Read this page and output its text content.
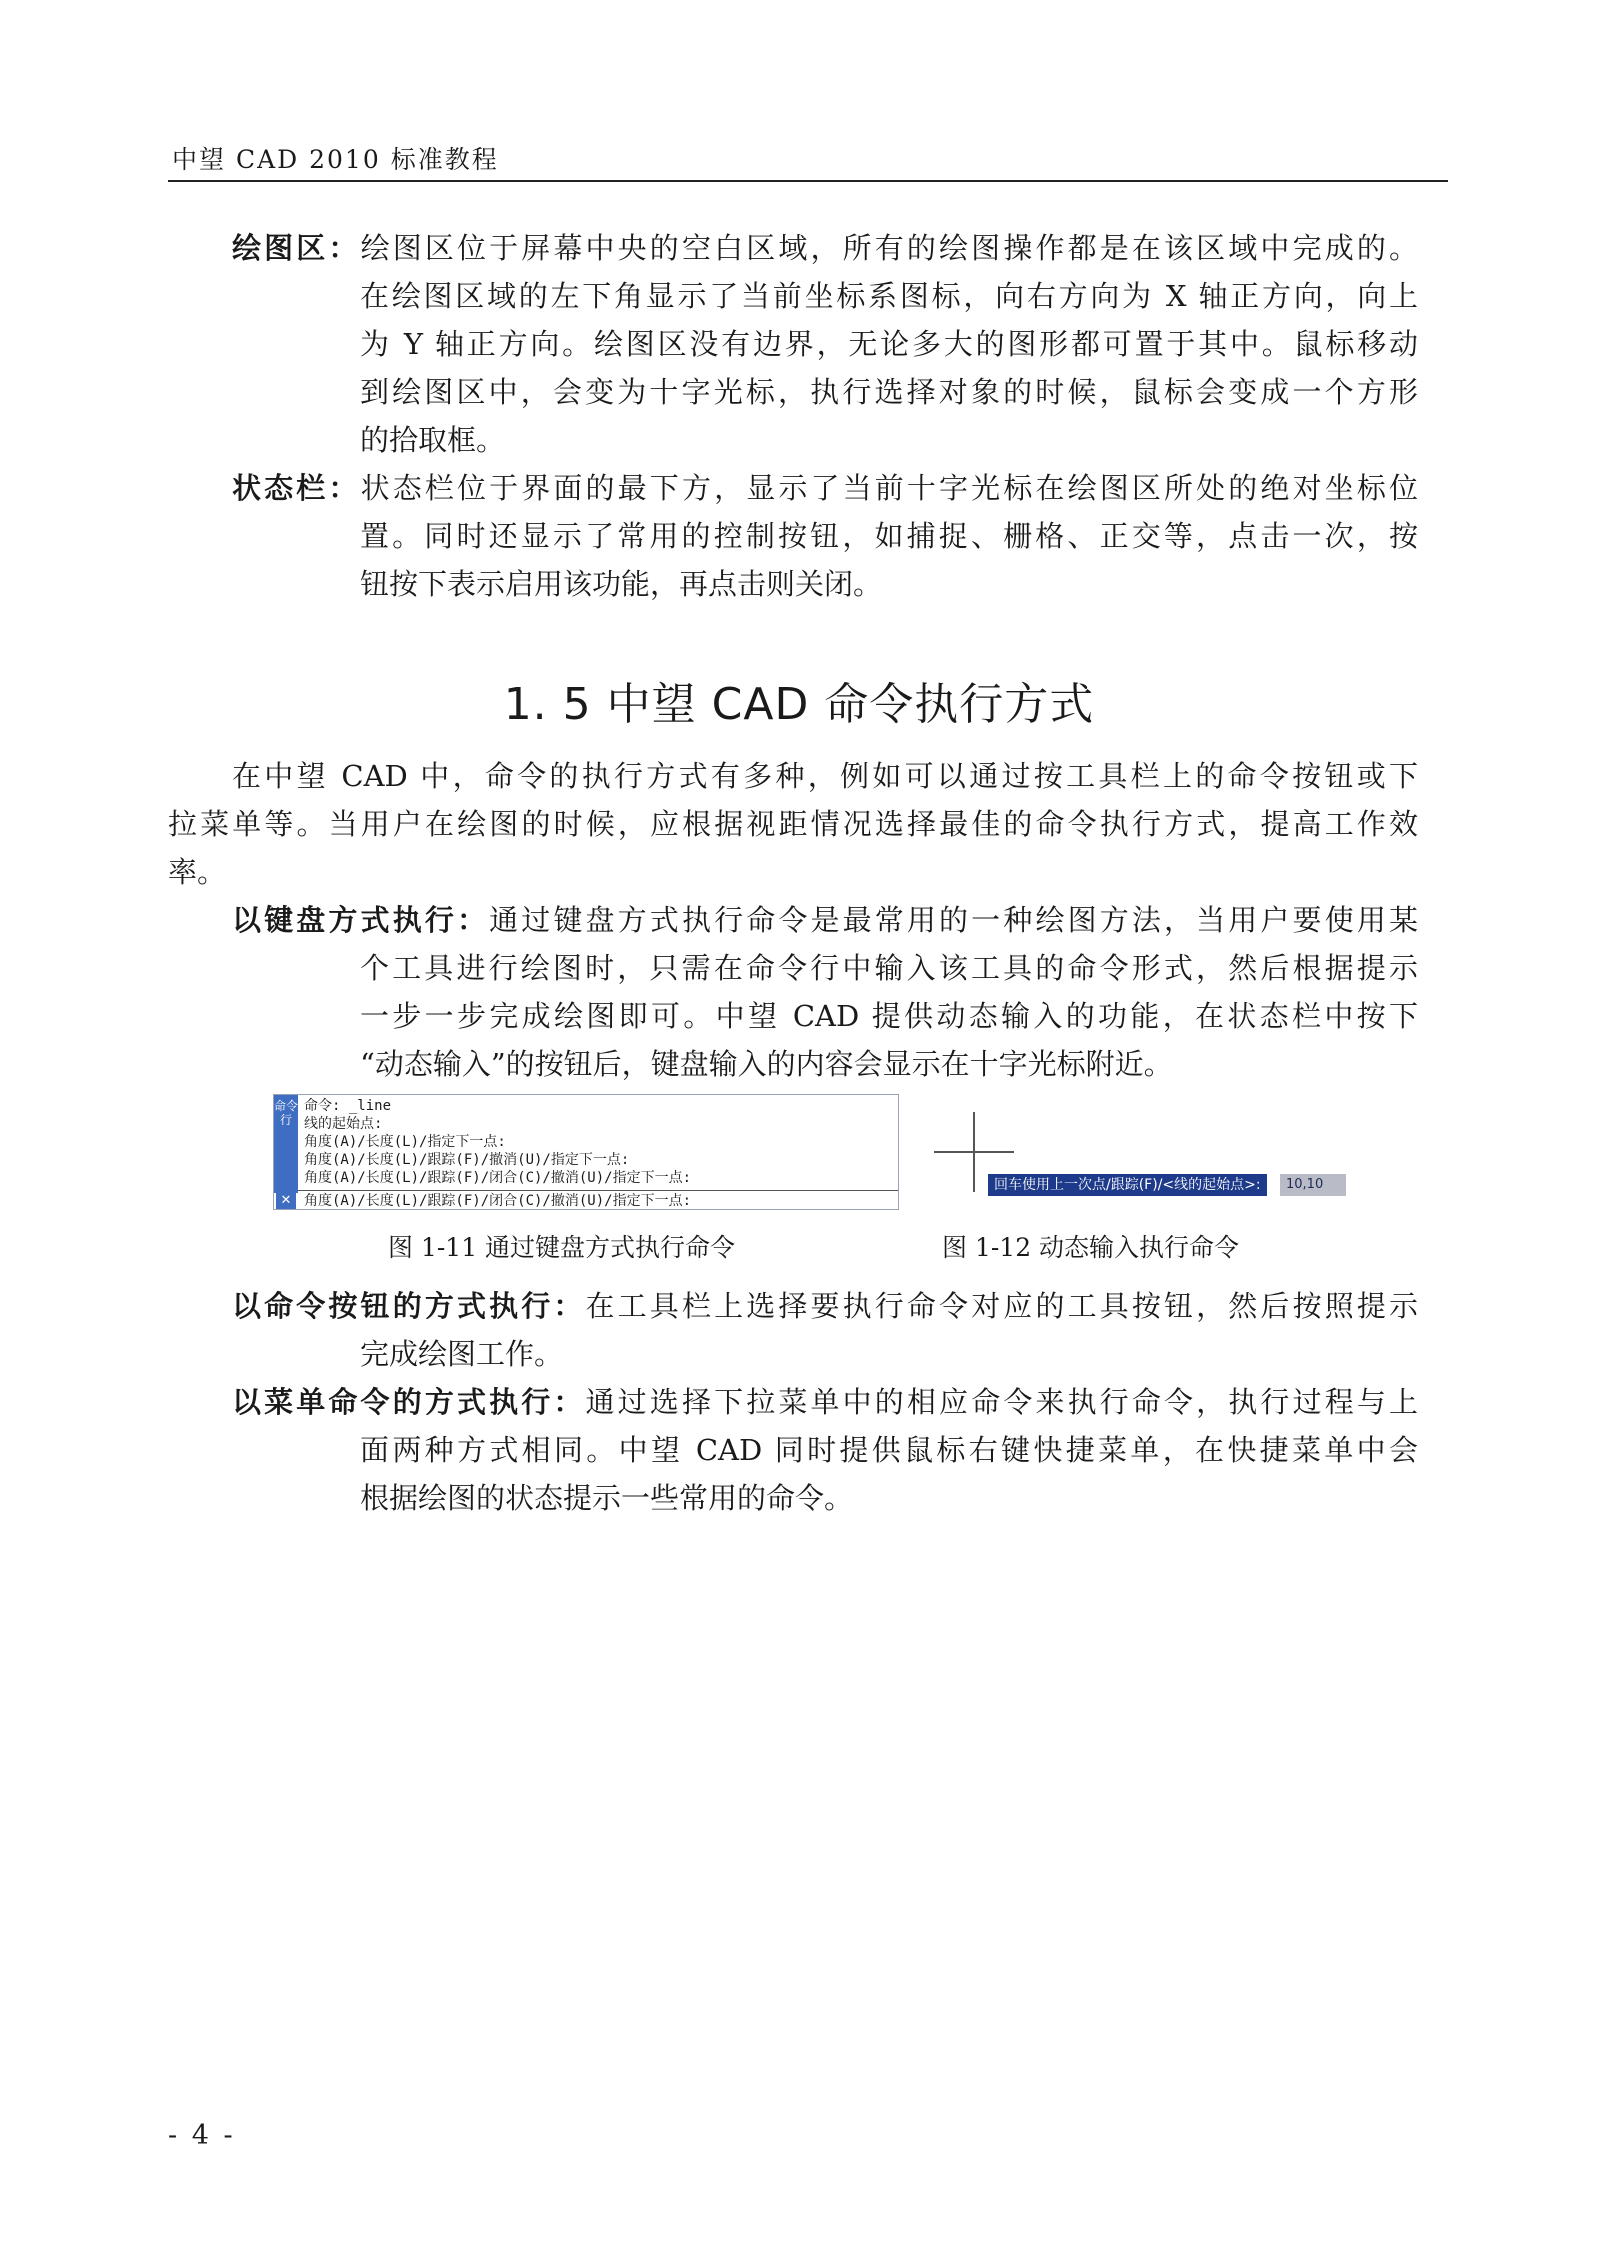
中望 CAD 2010 标准教程
绘图区：绘图区位于屏幕中央的空白区域，所有的绘图操作都是在该区域中完成的。
在绘图区域的左下角显示了当前坐标系图标，向右方向为 X 轴正方向，向上
为 Y 轴正方向。绘图区没有边界，无论多大的图形都可置于其中。鼠标移动
到绘图区中，会变为十字光标，执行选择对象的时候，鼠标会变成一个方形
的拾取框。
状态栏：状态栏位于界面的最下方，显示了当前十字光标在绘图区所处的绝对坐标位
置。同时还显示了常用的控制按钮，如捕捉、栅格、正交等，点击一次，按
钮按下表示启用该功能，再点击则关闭。
1. 5 中望 CAD 命令执行方式
在中望 CAD 中，命令的执行方式有多种，例如可以通过按工具栏上的命令按钮或下
拉菜单等。当用户在绘图的时候，应根据视距情况选择最佳的命令执行方式，提高工作效
率。
以键盘方式执行：通过键盘方式执行命令是最常用的一种绘图方法，当用户要使用某
个工具进行绘图时，只需在命令行中输入该工具的命令形式，然后根据提示
一步一步完成绘图即可。中望 CAD 提供动态输入的功能，在状态栏中按下
“动态输入”的按钮后，键盘输入的内容会显示在十字光标附近。
命令行
✕
命令: _line
线的起始点:
角度(A)/长度(L)/指定下一点:
角度(A)/长度(L)/跟踪(F)/撤消(U)/指定下一点:
角度(A)/长度(L)/跟踪(F)/闭合(C)/撤消(U)/指定下一点:
角度(A)/长度(L)/跟踪(F)/闭合(C)/撤消(U)/指定下一点:
回车使用上一次点/跟踪(F)/<线的起始点>:	10,10
图 1-11 通过键盘方式执行命令	图 1-12 动态输入执行命令
以命令按钮的方式执行：在工具栏上选择要执行命令对应的工具按钮，然后按照提示
完成绘图工作。
以菜单命令的方式执行：通过选择下拉菜单中的相应命令来执行命令，执行过程与上
面两种方式相同。中望 CAD 同时提供鼠标右键快捷菜单，在快捷菜单中会
根据绘图的状态提示一些常用的命令。
- 4 -
